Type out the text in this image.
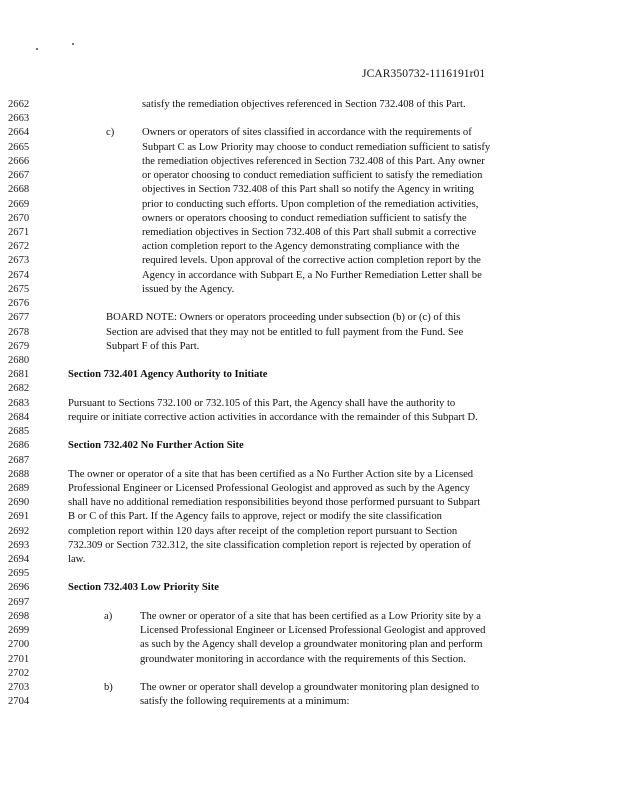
JCAR350732-1116191r01
2662	satisfy the remediation objectives referenced in Section 732.408 of this Part.
2663
2664	c)	Owners or operators of sites classified in accordance with the requirements of
2665	Subpart C as Low Priority may choose to conduct remediation sufficient to satisfy
2666	the remediation objectives referenced in Section 732.408 of this Part. Any owner
2667	or operator choosing to conduct remediation sufficient to satisfy the remediation
2668	objectives in Section 732.408 of this Part shall so notify the Agency in writing
2669	prior to conducting such efforts. Upon completion of the remediation activities,
2670	owners or operators choosing to conduct remediation sufficient to satisfy the
2671	remediation objectives in Section 732.408 of this Part shall submit a corrective
2672	action completion report to the Agency demonstrating compliance with the
2673	required levels. Upon approval of the corrective action completion report by the
2674	Agency in accordance with Subpart E, a No Further Remediation Letter shall be
2675	issued by the Agency.
2676
2677	BOARD NOTE: Owners or operators proceeding under subsection (b) or (c) of this
2678	Section are advised that they may not be entitled to full payment from the Fund. See
2679	Subpart F of this Part.
2680
2681	Section 732.401 Agency Authority to Initiate
2682
2683	Pursuant to Sections 732.100 or 732.105 of this Part, the Agency shall have the authority to
2684	require or initiate corrective action activities in accordance with the remainder of this Subpart D.
2685
2686	Section 732.402 No Further Action Site
2687
2688	The owner or operator of a site that has been certified as a No Further Action site by a Licensed
2689	Professional Engineer or Licensed Professional Geologist and approved as such by the Agency
2690	shall have no additional remediation responsibilities beyond those performed pursuant to Subpart
2691	B or C of this Part. If the Agency fails to approve, reject or modify the site classification
2692	completion report within 120 days after receipt of the completion report pursuant to Section
2693	732.309 or Section 732.312, the site classification completion report is rejected by operation of
2694	law.
2695
2696	Section 732.403 Low Priority Site
2697
2698	a)	The owner or operator of a site that has been certified as a Low Priority site by a
2699	Licensed Professional Engineer or Licensed Professional Geologist and approved
2700	as such by the Agency shall develop a groundwater monitoring plan and perform
2701	groundwater monitoring in accordance with the requirements of this Section.
2702
2703	b)	The owner or operator shall develop a groundwater monitoring plan designed to
2704	satisfy the following requirements at a minimum:
